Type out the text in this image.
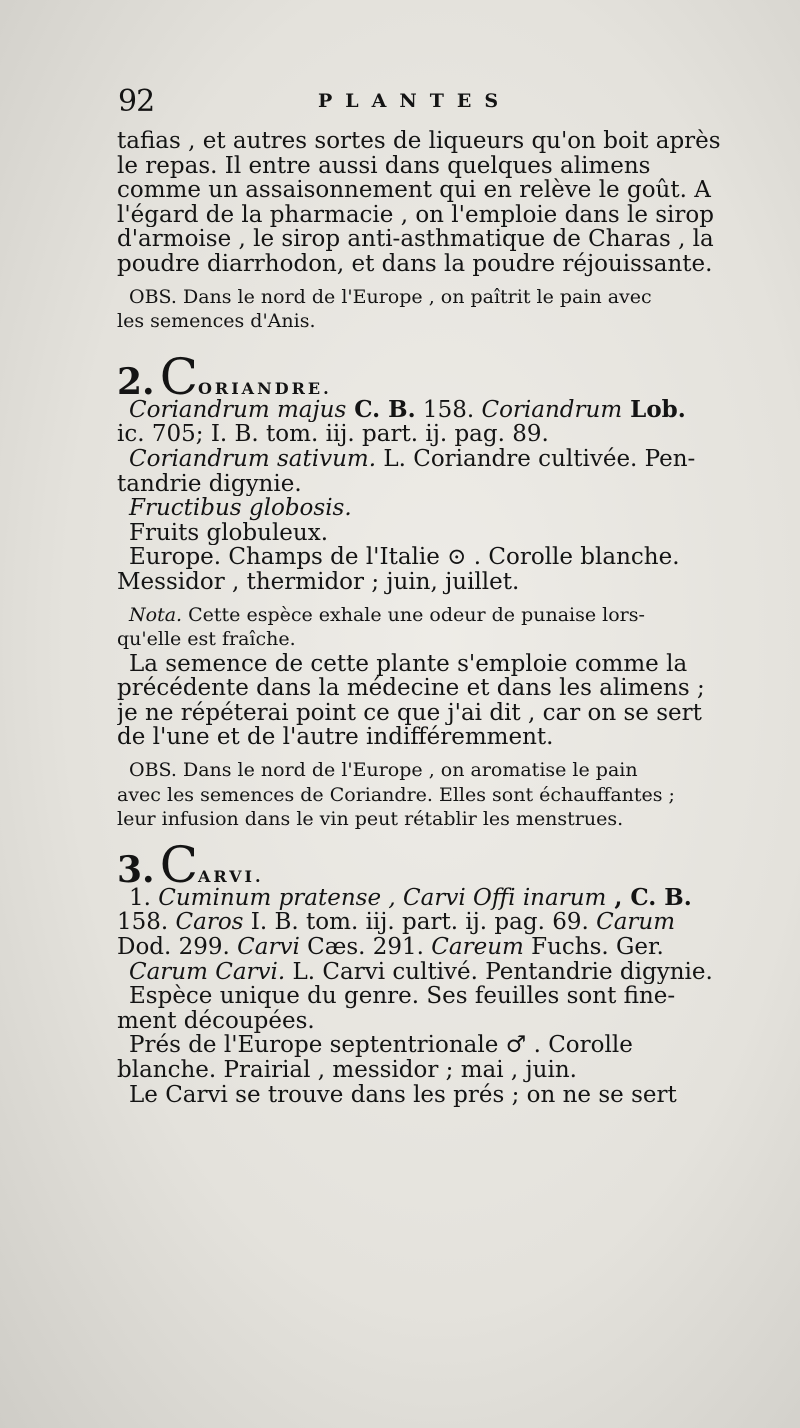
92	PLANTES
tafias , et autres sortes de liqueurs qu'on boit après
le repas. Il entre aussi dans quelques alimens
comme un assaisonnement qui en relève le goût. A
l'égard de la pharmacie , on l'emploie dans le sirop
d'armoise , le sirop anti-asthmatique de Charas , la
poudre diarrhodon, et dans la poudre réjouissante.
OBS. Dans le nord de l'Europe , on paîtrit le pain avec
les semences d'Anis.
2. CORIANDRE.
Coriandrum majus C. B. 158. Coriandrum Lob.
ic. 705; I. B. tom. iij. part. ij. pag. 89.
Coriandrum sativum. L. Coriandre cultivée. Pen-
tandrie digynie.
Fructibus globosis.
Fruits globuleux.
Europe. Champs de l'Italie ⊙ . Corolle blanche.
Messidor , thermidor ; juin, juillet.
Nota. Cette espèce exhale une odeur de punaise lors-
qu'elle est fraîche.
La semence de cette plante s'emploie comme la
précédente dans la médecine et dans les alimens ;
je ne répéterai point ce que j'ai dit , car on se sert
de l'une et de l'autre indifféremment.
OBS. Dans le nord de l'Europe , on aromatise le pain
avec les semences de Coriandre. Elles sont échauffantes ;
leur infusion dans le vin peut rétablir les menstrues.
3. CARVI.
1. Cuminum pratense , Carvi Offi inarum , C. B.
158. Caros I. B. tom. iij. part. ij. pag. 69. Carum
Dod. 299. Carvi Cæs. 291. Careum Fuchs. Ger.
Carum Carvi. L. Carvi cultivé. Pentandrie digynie.
Espèce unique du genre. Ses feuilles sont fine-
ment découpées.
Prés de l'Europe septentrionale ♂ . Corolle
blanche. Prairial , messidor ; mai , juin.
Le Carvi se trouve dans les prés ; on ne se sert
